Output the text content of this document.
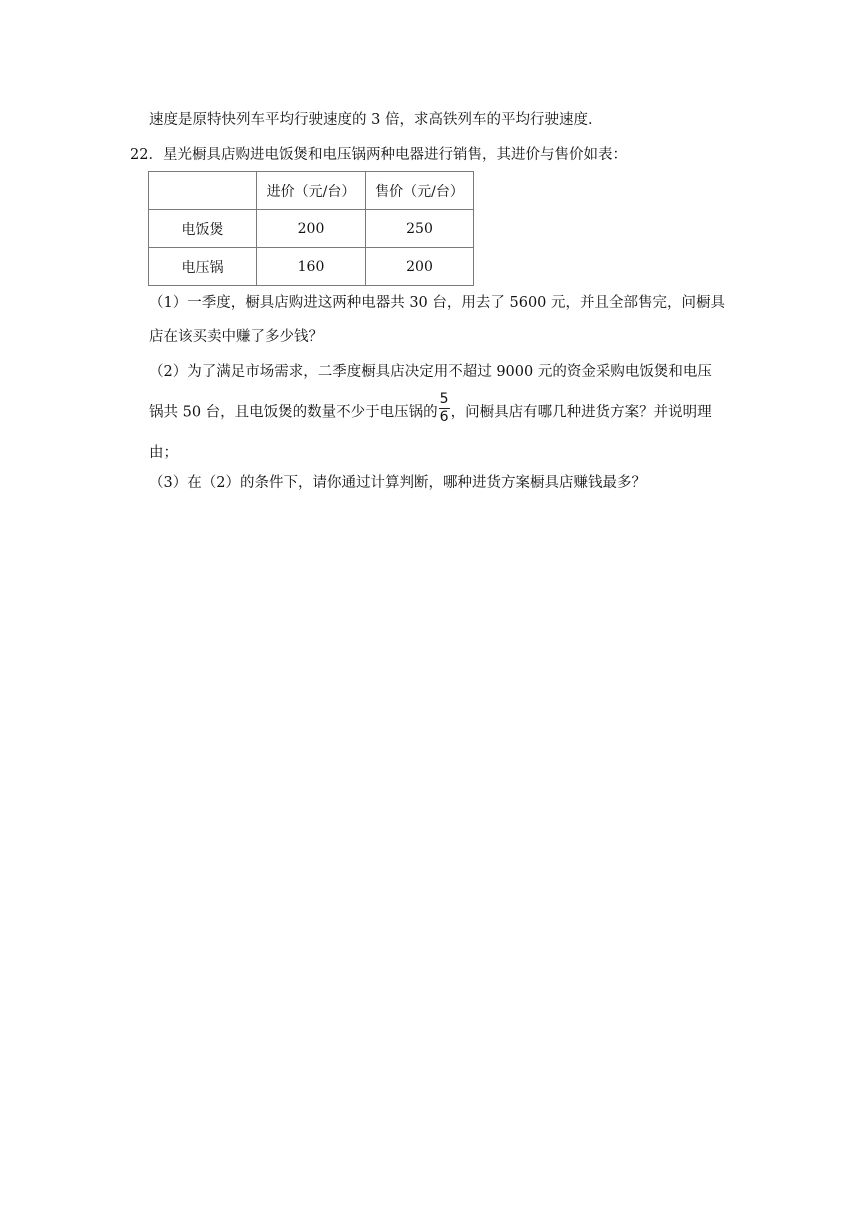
速度是原特快列车平均行驶速度的 3 倍，求高铁列车的平均行驶速度．
22．星光橱具店购进电饭煲和电压锅两种电器进行销售，其进价与售价如表：
	进价（元/台）	售价（元/台）
电饭煲	200	250
电压锅	160	200
（1）一季度，橱具店购进这两种电器共 30 台，用去了 5600 元，并且全部售完，问橱具
店在该买卖中赚了多少钱？
（2）为了满足市场需求，二季度橱具店决定用不超过 9000 元的资金采购电饭煲和电压
锅共 50 台，且电饭煲的数量不少于电压锅的 $\frac{5}{6}$ ，问橱具店有哪几种进货方案？并说明理
由；
（3）在（2）的条件下，请你通过计算判断，哪种进货方案橱具店赚钱最多？
